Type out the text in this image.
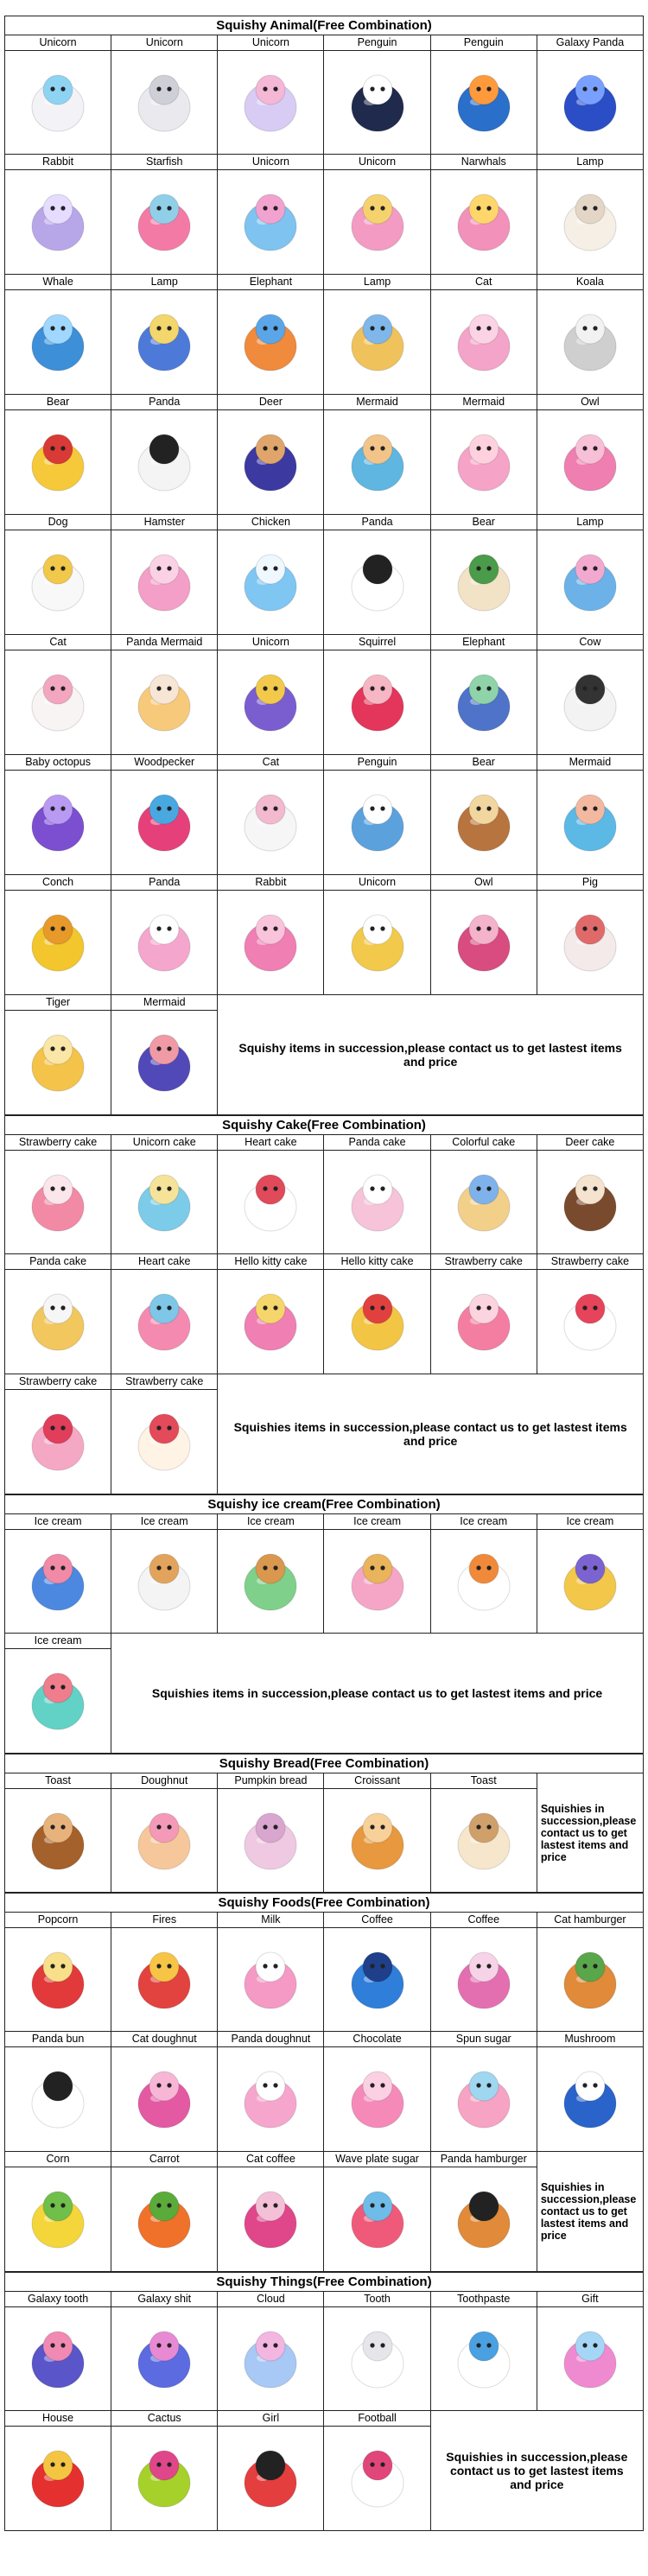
Squishy Animal(Free Combination)
Unicorn	Unicorn	Unicorn	Penguin	Penguin	Galaxy Panda
Rabbit	Starfish	Unicorn	Unicorn	Narwhals	Lamp
Whale	Lamp	Elephant	Lamp	Cat	Koala
Bear	Panda	Deer	Mermaid	Mermaid	Owl
Dog	Hamster	Chicken	Panda	Bear	Lamp
Cat	Panda Mermaid	Unicorn	Squirrel	Elephant	Cow
Baby octopus	Woodpecker	Cat	Penguin	Bear	Mermaid
Conch	Panda	Rabbit	Unicorn	Owl	Pig
Tiger	Mermaid
Squishy items in succession,please contact us to get lastest items and price
Squishy Cake(Free Combination)
Strawberry cake	Unicorn cake	Heart cake	Panda cake	Colorful cake	Deer cake
Panda cake	Heart cake	Hello kitty cake	Hello kitty cake	Strawberry cake	Strawberry cake
Strawberry cake	Strawberry cake
Squishies items in succession,please contact us to get lastest items and price
Squishy ice cream(Free Combination)
Ice cream	Ice cream	Ice cream	Ice cream	Ice cream	Ice cream
Ice cream
Squishies items in succession,please contact us to get lastest items and price
Squishy Bread(Free Combination)
Toast	Doughnut	Pumpkin bread	Croissant	Toast
Squishies in succession,please contact us to get lastest items and price
Squishy Foods(Free Combination)
Popcorn	Fires	Milk	Coffee	Coffee	Cat hamburger
Panda bun	Cat doughnut	Panda doughnut	Chocolate	Spun sugar	Mushroom
Corn	Carrot	Cat coffee	Wave plate sugar	Panda hamburger
Squishies in succession,please contact us to get lastest items and price
Squishy Things(Free Combination)
Galaxy tooth	Galaxy shit	Cloud	Tooth	Toothpaste	Gift
House	Cactus	Girl	Football
Squishies in succession,please contact us to get lastest items and price
